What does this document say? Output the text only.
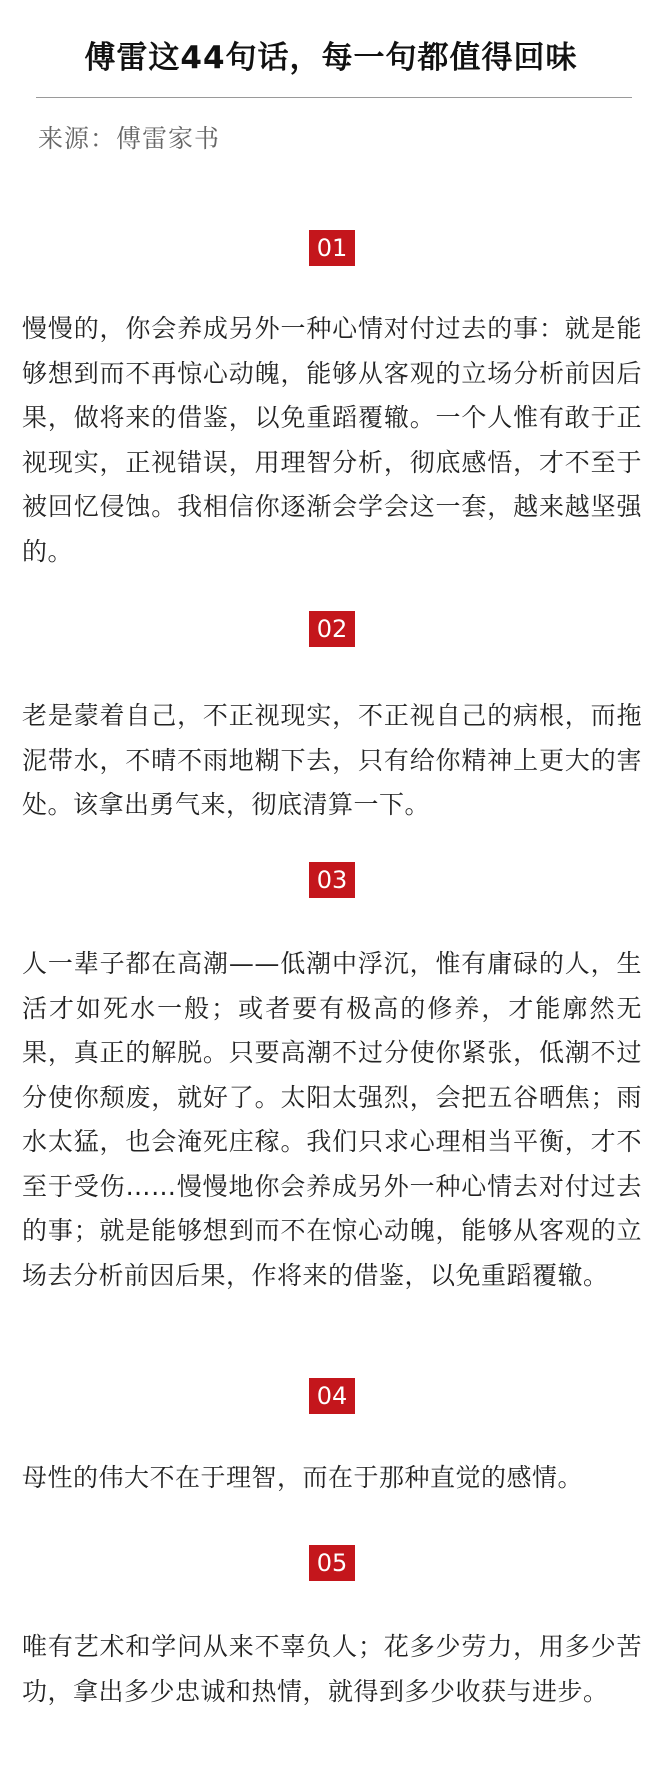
傅雷这44句话，每一句都值得回味
来源：傅雷家书
01
慢慢的，你会养成另外一种心情对付过去的事：就是能够想到而不再惊心动魄，能够从客观的立场分析前因后果，做将来的借鉴，以免重蹈覆辙。一个人惟有敢于正视现实，正视错误，用理智分析，彻底感悟，才不至于被回忆侵蚀。我相信你逐渐会学会这一套，越来越坚强的。
02
老是蒙着自己，不正视现实，不正视自己的病根，而拖泥带水，不晴不雨地糊下去，只有给你精神上更大的害处。该拿出勇气来，彻底清算一下。
03
人一辈子都在高潮——低潮中浮沉，惟有庸碌的人，生活才如死水一般；或者要有极高的修养，才能廓然无果，真正的解脱。只要高潮不过分使你紧张，低潮不过分使你颓废，就好了。太阳太强烈，会把五谷晒焦；雨水太猛，也会淹死庄稼。我们只求心理相当平衡，才不至于受伤……慢慢地你会养成另外一种心情去对付过去的事；就是能够想到而不在惊心动魄，能够从客观的立场去分析前因后果，作将来的借鉴，以免重蹈覆辙。
04
母性的伟大不在于理智，而在于那种直觉的感情。
05
唯有艺术和学问从来不辜负人；花多少劳力，用多少苦功，拿出多少忠诚和热情，就得到多少收获与进步。
